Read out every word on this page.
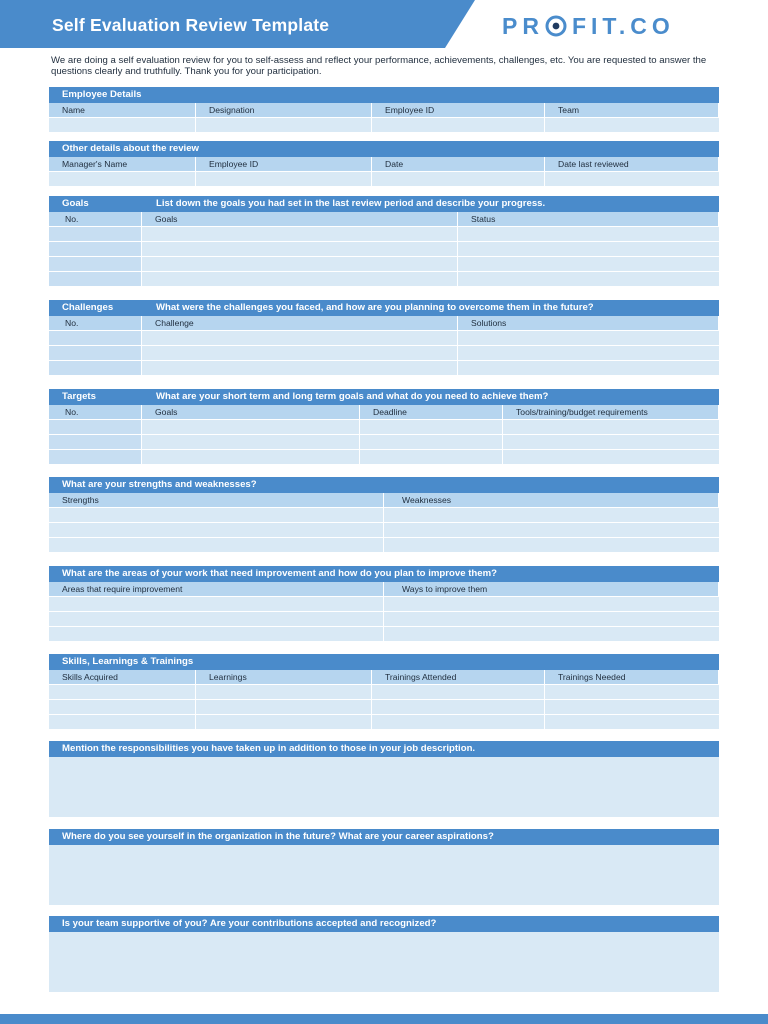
Self Evaluation Review Template	PR FIT.CO
We are doing a self evaluation review for you to self-assess and reflect your performance, achievements, challenges, etc. You are requested to answer the questions clearly and truthfully. Thank you for your participation.
Employee Details
Name	Designation	Employee ID	Team
Other details about the review
Manager's Name	Employee ID	Date	Date last reviewed
Goals	List down the goals you had set in the last review period and describe your progress.
No.	Goals	Status
Challenges	What were the challenges you faced, and how are you planning to overcome them in the future?
No.	Challenge	Solutions
Targets	What are your short term and long term goals and what do you need to achieve them?
No.	Goals	Deadline	Tools/training/budget requirements
What are your strengths and weaknesses?
Strengths	Weaknesses
What are the areas of your work that need improvement and how do you plan to improve them?
Areas that require improvement	Ways to improve them
Skills, Learnings & Trainings
Skills Acquired	Learnings	Trainings Attended	Trainings Needed
Mention the responsibilities you have taken up in addition to those in your job description.
Where do you see yourself in the organization in the future? What are your career aspirations?
Is your team supportive of you? Are your contributions accepted and recognized?
